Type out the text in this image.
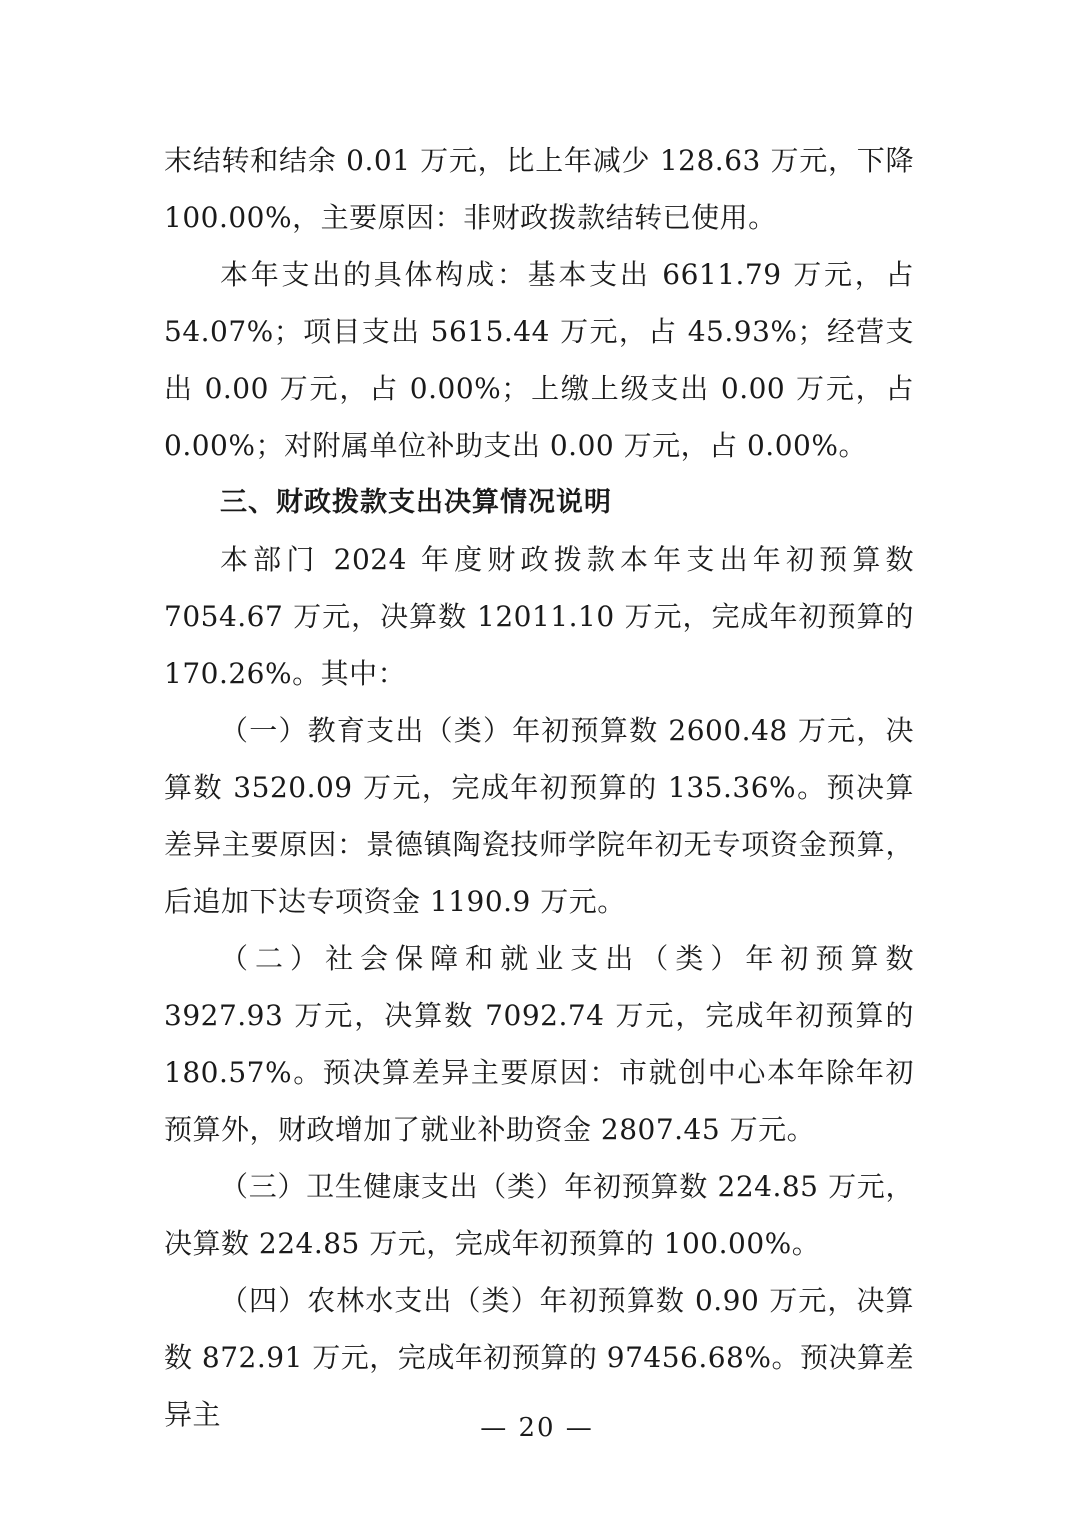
末结转和结余 0.01 万元，比上年减少 128.63 万元，下降 100.00%，主要原因：非财政拨款结转已使用。

本年支出的具体构成：基本支出 6611.79 万元，占 54.07%；项目支出 5615.44 万元，占 45.93%；经营支出 0.00 万元，占 0.00%；上缴上级支出 0.00 万元，占 0.00%；对附属单位补助支出 0.00 万元，占 0.00%。

三、财政拨款支出决算情况说明

本部门 2024 年度财政拨款本年支出年初预算数 7054.67 万元，决算数 12011.10 万元，完成年初预算的 170.26%。其中：

（一）教育支出（类）年初预算数 2600.48 万元，决算数 3520.09 万元，完成年初预算的 135.36%。预决算差异主要原因：景德镇陶瓷技师学院年初无专项资金预算，后追加下达专项资金 1190.9 万元。

（二）社会保障和就业支出（类）年初预算数 3927.93 万元，决算数 7092.74 万元，完成年初预算的 180.57%。预决算差异主要原因：市就创中心本年除年初预算外，财政增加了就业补助资金 2807.45 万元。

（三）卫生健康支出（类）年初预算数 224.85 万元，决算数 224.85 万元，完成年初预算的 100.00%。

（四）农林水支出（类）年初预算数 0.90 万元，决算数 872.91 万元，完成年初预算的 97456.68%。预决算差异主	— 20 —
